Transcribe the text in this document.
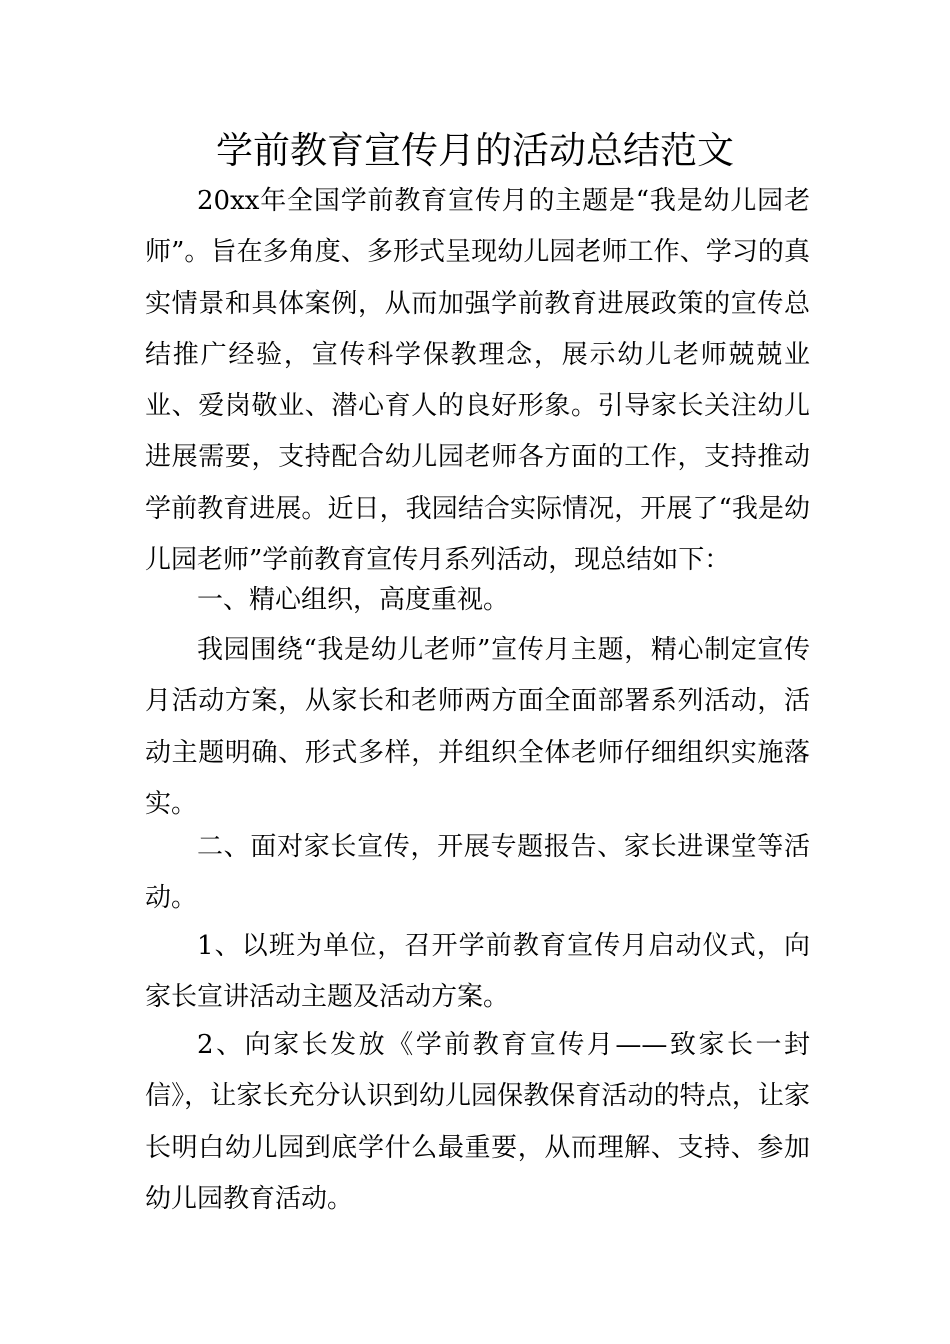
学前教育宣传月的活动总结范文

20xx年全国学前教育宣传月的主题是“我是幼儿园老师”。旨在多角度、多形式呈现幼儿园老师工作、学习的真实情景和具体案例，从而加强学前教育进展政策的宣传总结推广经验，宣传科学保教理念，展示幼儿老师兢兢业业、爱岗敬业、潜心育人的良好形象。引导家长关注幼儿进展需要，支持配合幼儿园老师各方面的工作，支持推动学前教育进展。近日，我园结合实际情况，开展了“我是幼儿园老师”学前教育宣传月系列活动，现总结如下：

一、精心组织，高度重视。

我园围绕“我是幼儿老师”宣传月主题，精心制定宣传月活动方案，从家长和老师两方面全面部署系列活动，活动主题明确、形式多样，并组织全体老师仔细组织实施落实。

二、面对家长宣传，开展专题报告、家长进课堂等活动。

1、以班为单位，召开学前教育宣传月启动仪式，向家长宣讲活动主题及活动方案。

2、向家长发放《学前教育宣传月——致家长一封信》，让家长充分认识到幼儿园保教保育活动的特点，让家长明白幼儿园到底学什么最重要，从而理解、支持、参加幼儿园教育活动。
